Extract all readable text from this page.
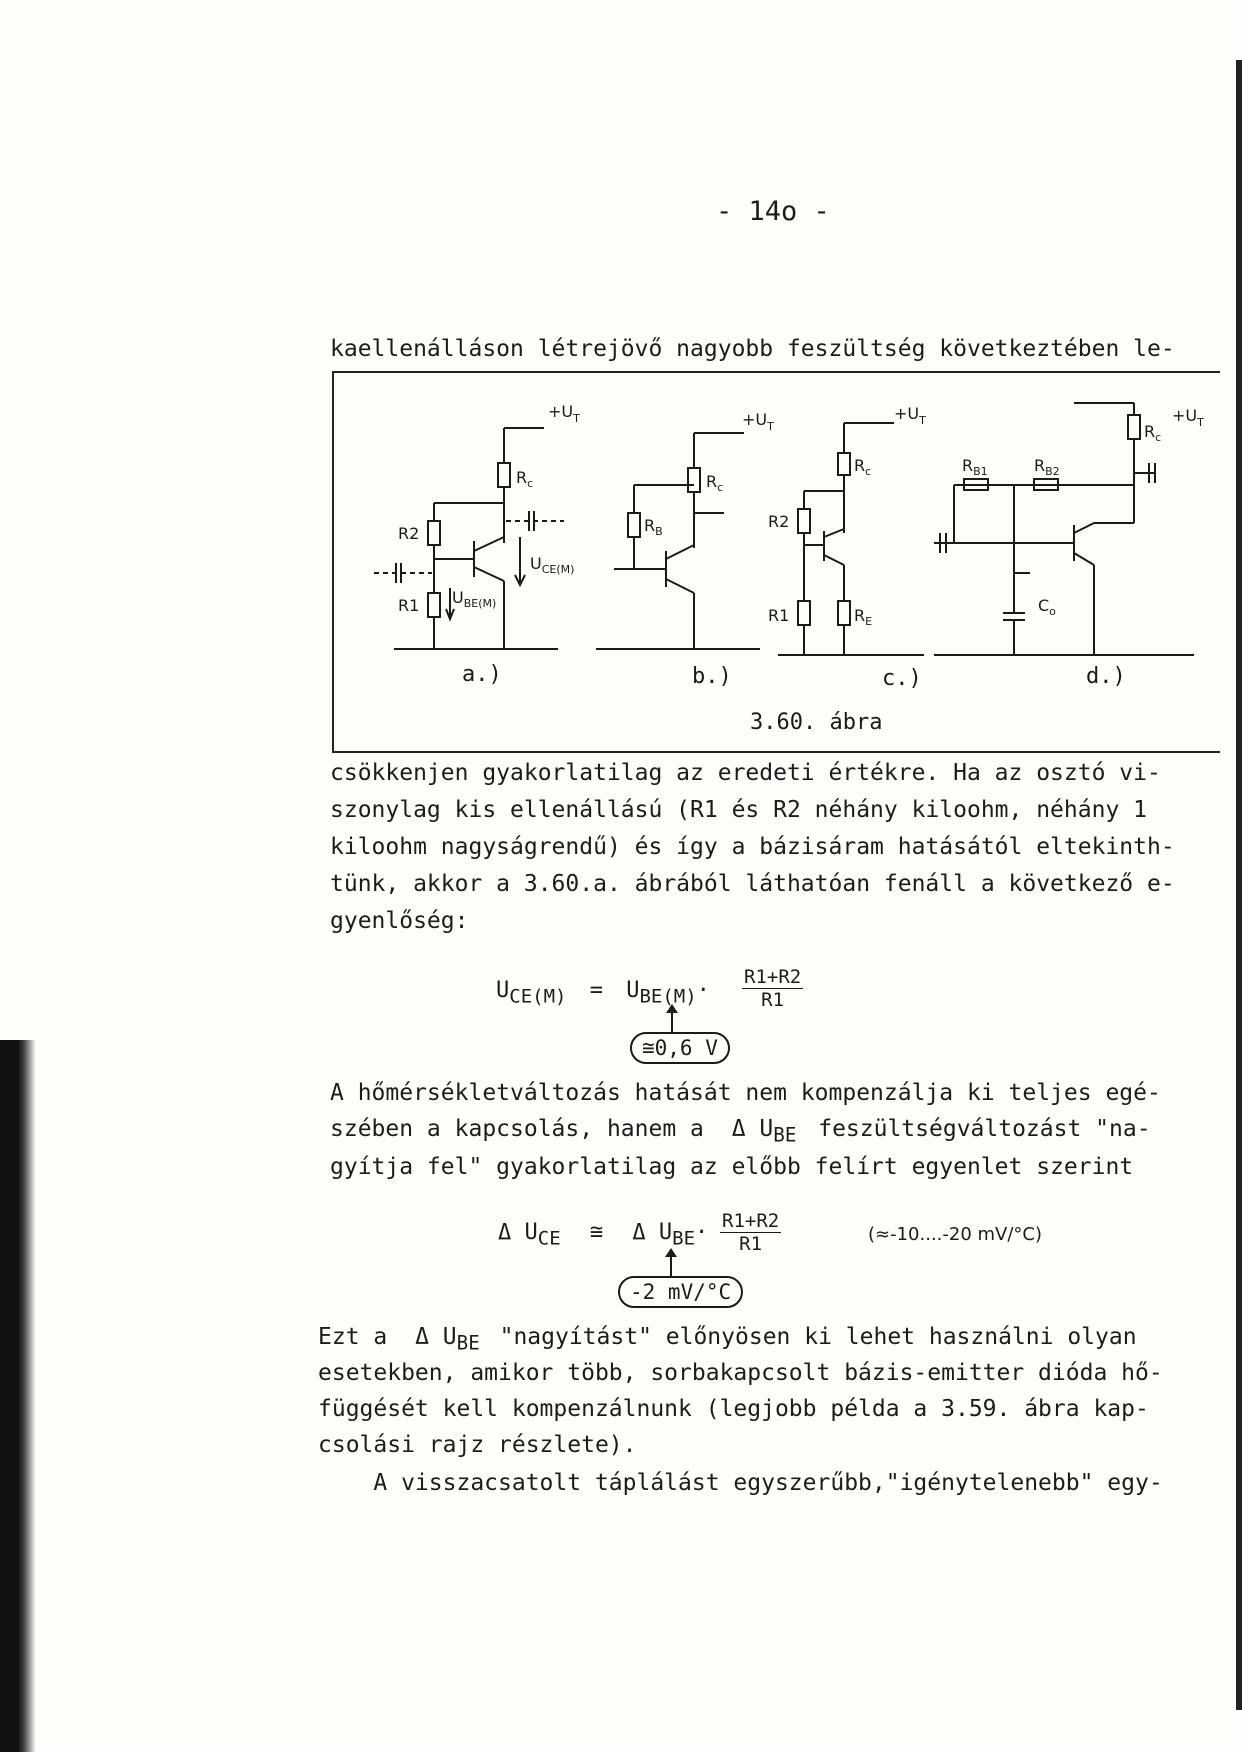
- 14o -
kaellenálláson létrejövő nagyobb feszültség következtében le-
$+U_T$
$R_c$
R2
R1 $U_{BE(M)}$
$U_{CE(M)}$
$+U_T$
$R_c$
$R_B$
$+U_T$
$R_c$
R2
R1	$R_E$
$+U_T$
$R_c$
$R_{B1}$	$R_{B2}$
$C_o$
a.)	b.)	c.)	d.)
3.60. ábra
csökkenjen gyakorlatilag az eredeti értékre. Ha az osztó vi-
szonylag kis ellenállású (R1 és R2 néhány kiloohm, néhány 1
kiloohm nagyságrendű) és így a bázisáram hatásától eltekinth-
tünk, akkor a 3.60.a. ábrából láthatóan fenáll a következő e-
gyenlőség:
$U_{CE(M)} = U_{BE(M)}\cdot \frac{R1+R2}{R1}$
≅0,6 V
A hőmérsékletváltozás hatását nem kompenzálja ki teljes egé-
szében a kapcsolás, hanem a Δ $U_{BE}$ feszültségváltozást "na-
gyítja fel" gyakorlatilag az előbb felírt egyenlet szerint
Δ $U_{CE}$ ≅ Δ $U_{BE}\cdot \frac{R1+R2}{R1}$	(≈-10....-20 mV/°C)
-2 mV/°C
Ezt a Δ $U_{BE}$ "nagyítást" előnyösen ki lehet használni olyan
esetekben, amikor több, sorbakapcsolt bázis-emitter dióda hő-
függését kell kompenzálnunk (legjobb példa a 3.59. ábra kap-
csolási rajz részlete).
A visszacsatolt táplálást egyszerűbb,"igénytelenebb" egy-
